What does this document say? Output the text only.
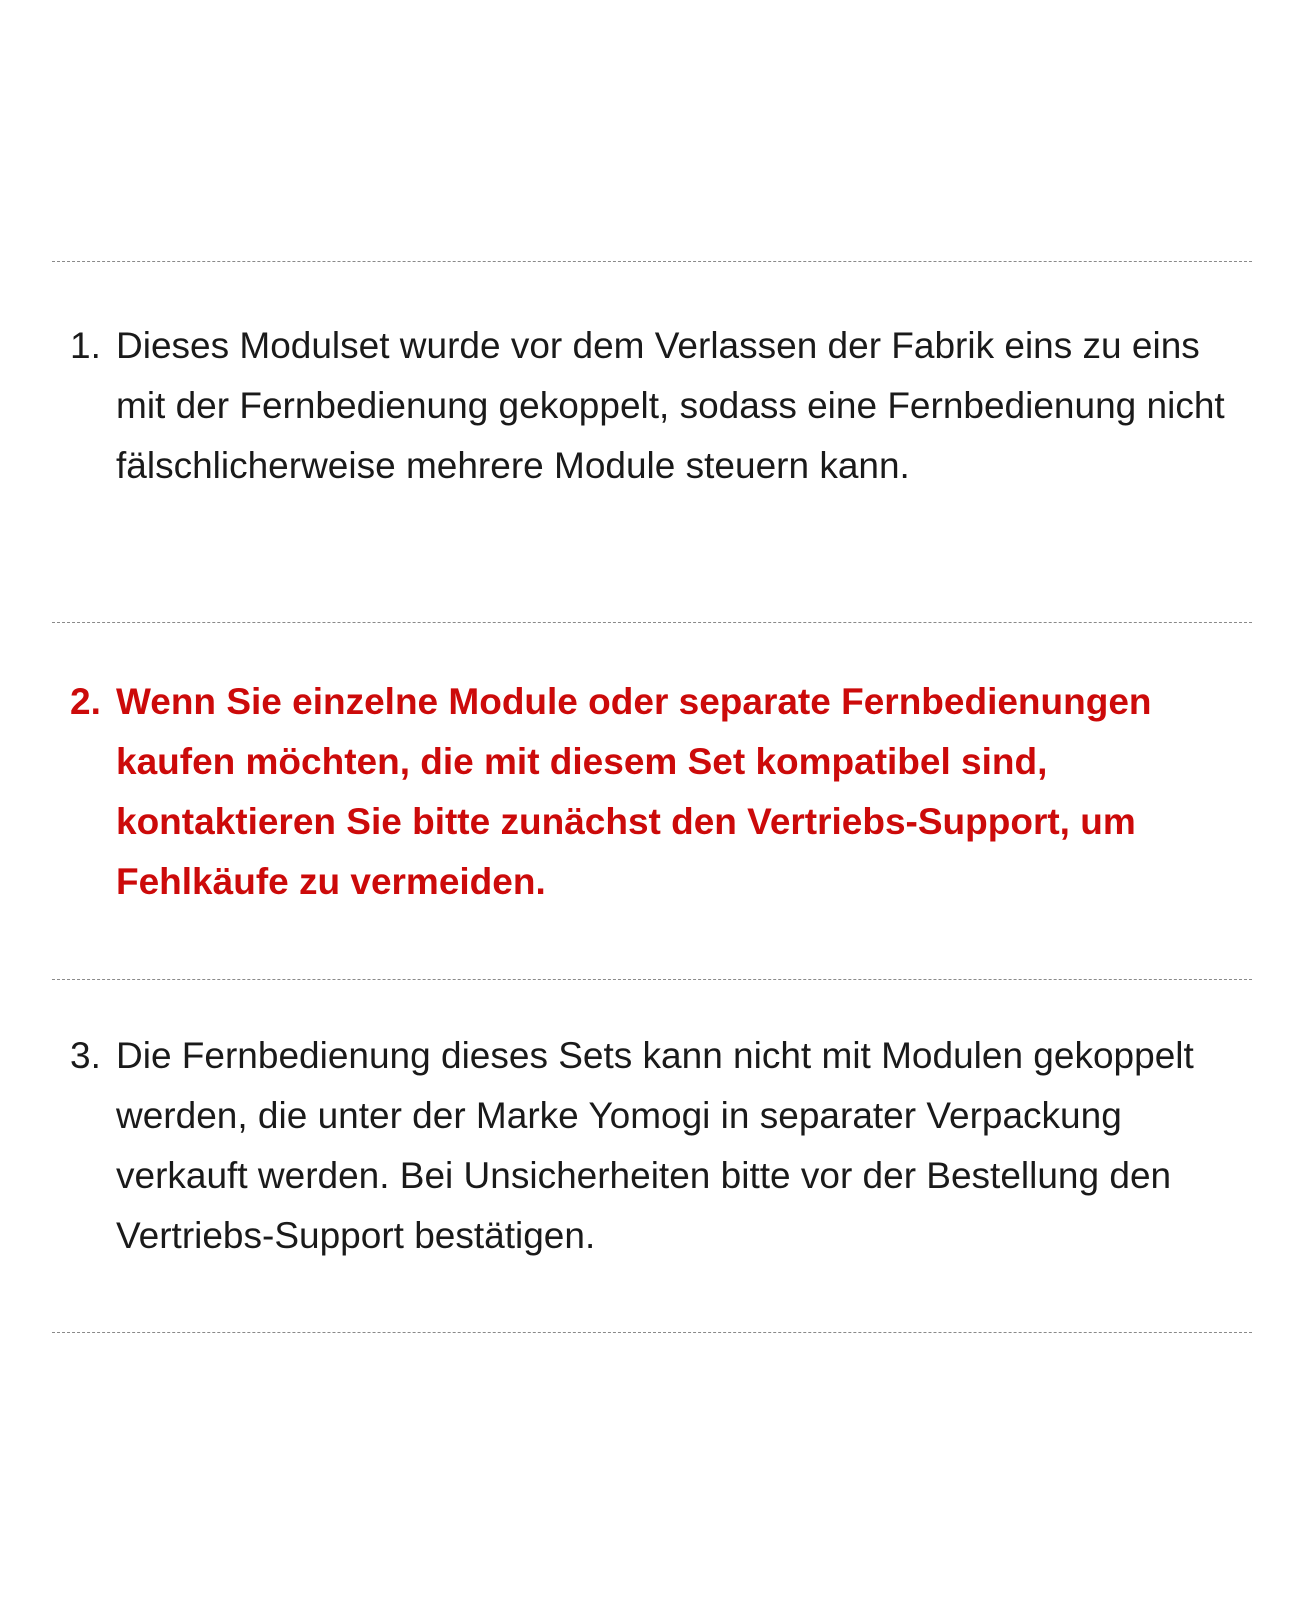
1. Dieses Modulset wurde vor dem Verlassen der Fabrik eins zu eins mit der Fernbedienung gekoppelt, sodass eine Fernbedienung nicht fälschlicherweise mehrere Module steuern kann.
2. Wenn Sie einzelne Module oder separate Fernbedienungen kaufen möchten, die mit diesem Set kompatibel sind, kontaktieren Sie bitte zunächst den Vertriebs-Support, um Fehlkäufe zu vermeiden.
3. Die Fernbedienung dieses Sets kann nicht mit Modulen gekoppelt werden, die unter der Marke Yomogi in separater Verpackung verkauft werden. Bei Unsicherheiten bitte vor der Bestellung den Vertriebs-Support bestätigen.
